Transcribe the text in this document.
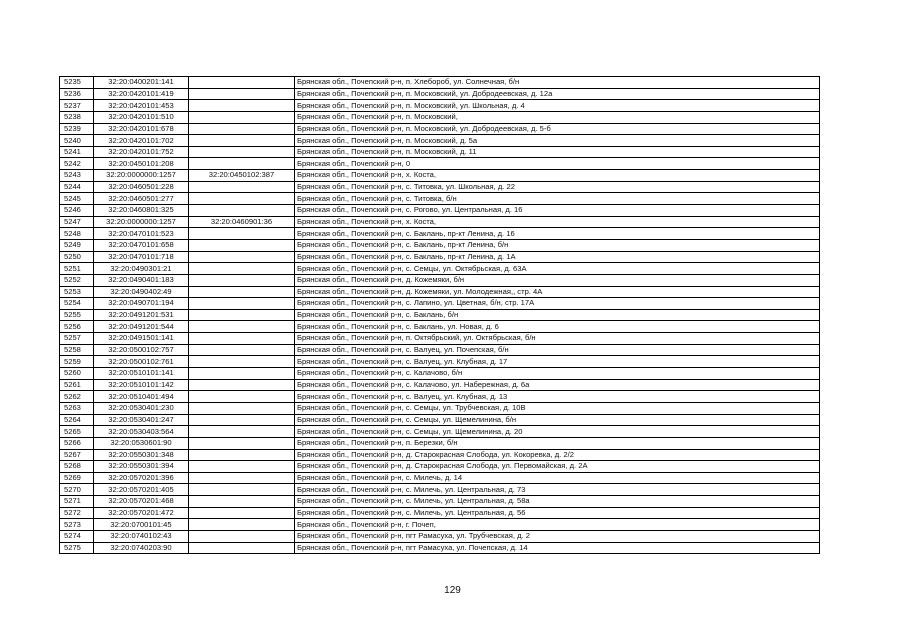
5235	32:20:0400201:141		Брянская обл., Почепский р-н, п. Хлебороб, ул. Солнечная, б/н
5236	32:20:0420101:419		Брянская обл., Почепский р-н, п. Московский, ул. Добродеевская, д. 12а
5237	32:20:0420101:453		Брянская обл., Почепский р-н, п. Московский, ул. Школьная, д. 4
5238	32:20:0420101:510		Брянская обл., Почепский р-н, п. Московский,
5239	32:20:0420101:678		Брянская обл., Почепский р-н, п. Московский, ул. Добродеевская, д. 5-б
5240	32:20:0420101:702		Брянская обл., Почепский р-н, п. Московский, д. 5а
5241	32:20:0420101:752		Брянская обл., Почепский р-н, п. Московский, д. 11
5242	32:20:0450101:208		Брянская обл., Почепский р-н, 0
5243	32:20:0000000:1257	32:20:0450102:387	Брянская обл., Почепский р-н, х. Коста,
5244	32:20:0460501:228		Брянская обл., Почепский р-н, с. Титовка, ул. Школьная, д. 22
5245	32:20:0460501:277		Брянская обл., Почепский р-н, с. Титовка, б/н
5246	32:20:0460801:325		Брянская обл., Почепский р-н, с. Рогово, ул. Центральная, д. 16
5247	32:20:0000000:1257	32:20:0460901:36	Брянская обл., Почепский р-н, х. Коста,
5248	32:20:0470101:523		Брянская обл., Почепский р-н, с. Баклань, пр-кт Ленина, д. 16
5249	32:20:0470101:658		Брянская обл., Почепский р-н, с. Баклань, пр-кт Ленина, б/н
5250	32:20:0470101:718		Брянская обл., Почепский р-н, с. Баклань, пр-кт Ленина, д. 1А
5251	32:20:0490301:21		Брянская обл., Почепский р-н, с. Семцы, ул. Октябрьская, д. 63А
5252	32:20:0490401:183		Брянская обл., Почепский р-н, д. Кожемяки, б/н
5253	32:20:0490402:49		Брянская обл., Почепский р-н, д. Кожемяки, ул. Молодежная,, стр. 4А
5254	32:20:0490701:194		Брянская обл., Почепский р-н, с. Лапино, ул. Цветная, б/н, стр. 17А
5255	32:20:0491201:531		Брянская обл., Почепский р-н, с. Баклань, б/н
5256	32:20:0491201:544		Брянская обл., Почепский р-н, с. Баклань, ул. Новая, д. 6
5257	32:20:0491501:141		Брянская обл., Почепский р-н, п. Октябрьский, ул. Октябрьская, б/н
5258	32:20:0500102:757		Брянская обл., Почепский р-н, с. Валуец, ул. Почепская, б/н
5259	32:20:0500102:761		Брянская обл., Почепский р-н, с. Валуец, ул. Клубная, д. 17
5260	32:20:0510101:141		Брянская обл., Почепский р-н, с. Калачово, б/н
5261	32:20:0510101:142		Брянская обл., Почепский р-н, с. Калачово, ул. Набережная, д. 6а
5262	32:20:0510401:494		Брянская обл., Почепский р-н, с. Валуец, ул. Клубная, д. 13
5263	32:20:0530401:230		Брянская обл., Почепский р-н, с. Семцы, ул. Трубчевская, д. 10В
5264	32:20:0530401:247		Брянская обл., Почепский р-н, с. Семцы, ул. Щемелинина, б/н
5265	32:20:0530403:564		Брянская обл., Почепский р-н, с. Семцы, ул. Щемелинина, д. 20
5266	32:20:0530601:90		Брянская обл., Почепский р-н, п. Березки, б/н
5267	32:20:0550301:348		Брянская обл., Почепский р-н, д. Старокрасная Слобода, ул. Кокоревка, д. 2/2
5268	32:20:0550301:394		Брянская обл., Почепский р-н, д. Старокрасная Слобода, ул. Первомайская, д. 2А
5269	32:20:0570201:396		Брянская обл., Почепский р-н, с. Милечь, д. 14
5270	32:20:0570201:405		Брянская обл., Почепский р-н, с. Милечь, ул. Центральная, д. 73
5271	32:20:0570201:468		Брянская обл., Почепский р-н, с. Милечь, ул. Центральная, д. 58а
5272	32:20:0570201:472		Брянская обл., Почепский р-н, с. Милечь, ул. Центральная, д. 56
5273	32:20:0700101:45		Брянская обл., Почепский р-н, г. Почеп,
5274	32:20:0740102:43		Брянская обл., Почепский р-н, пгт Рамасуха, ул. Трубчевская, д. 2
5275	32:20:0740203:90		Брянская обл., Почепский р-н, пгт Рамасуха, ул. Почепская, д. 14
129
